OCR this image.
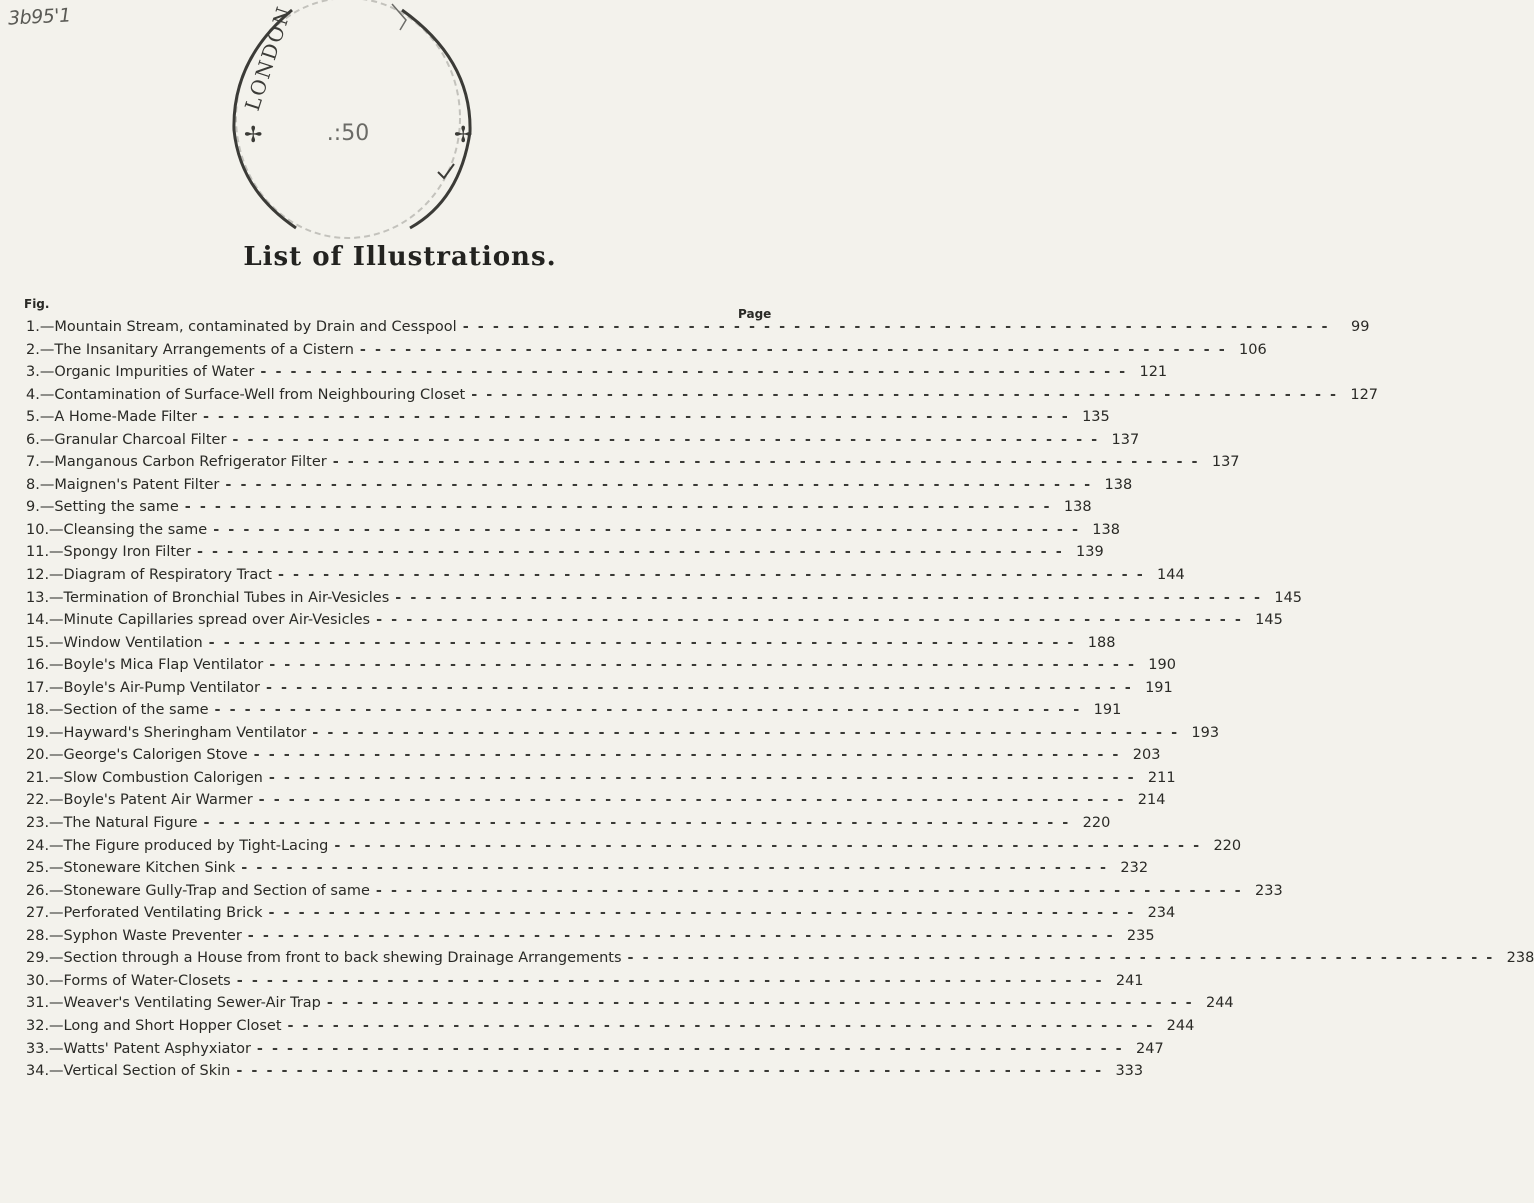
3b95'1	LONDON
✢	✢
.:50
List of Illustrations.
Fig.
Page
1.—Mountain Stream, contaminated by Drain and Cesspool - - -	99
2.—The Insanitary Arrangements of a Cistern - - -	106
3.—Organic Impurities of Water - - -	121
4.—Contamination of Surface-Well from Neighbouring Closet - - -	127
5.—A Home-Made Filter - - -	135
6.—Granular Charcoal Filter - - -	137
7.—Manganous Carbon Refrigerator Filter - - -	137
8.—Maignen's Patent Filter - - -	138
9.—Setting the same - - -	138
10.—Cleansing the same - - -	138
11.—Spongy Iron Filter - - -	139
12.—Diagram of Respiratory Tract - - -	144
13.—Termination of Bronchial Tubes in Air-Vesicles - - -	145
14.—Minute Capillaries spread over Air-Vesicles - - -	145
15.—Window Ventilation - - -	188
16.—Boyle's Mica Flap Ventilator - - -	190
17.—Boyle's Air-Pump Ventilator - - -	191
18.—Section of the same - - -	191
19.—Hayward's Sheringham Ventilator - - -	193
20.—George's Calorigen Stove - - -	203
21.—Slow Combustion Calorigen - - -	211
22.—Boyle's Patent Air Warmer - - -	214
23.—The Natural Figure - - -	220
24.—The Figure produced by Tight-Lacing - - -	220
25.—Stoneware Kitchen Sink - - -	232
26.—Stoneware Gully-Trap and Section of same - - -	233
27.—Perforated Ventilating Brick - - -	234
28.—Syphon Waste Preventer - - -	235
29.—Section through a House from front to back shewing Drainage Arrangements - - -	238
30.—Forms of Water-Closets - - -	241
31.—Weaver's Ventilating Sewer-Air Trap - - -	244
32.—Long and Short Hopper Closet - - -	244
33.—Watts' Patent Asphyxiator - - -	247
34.—Vertical Section of Skin - - -	333
